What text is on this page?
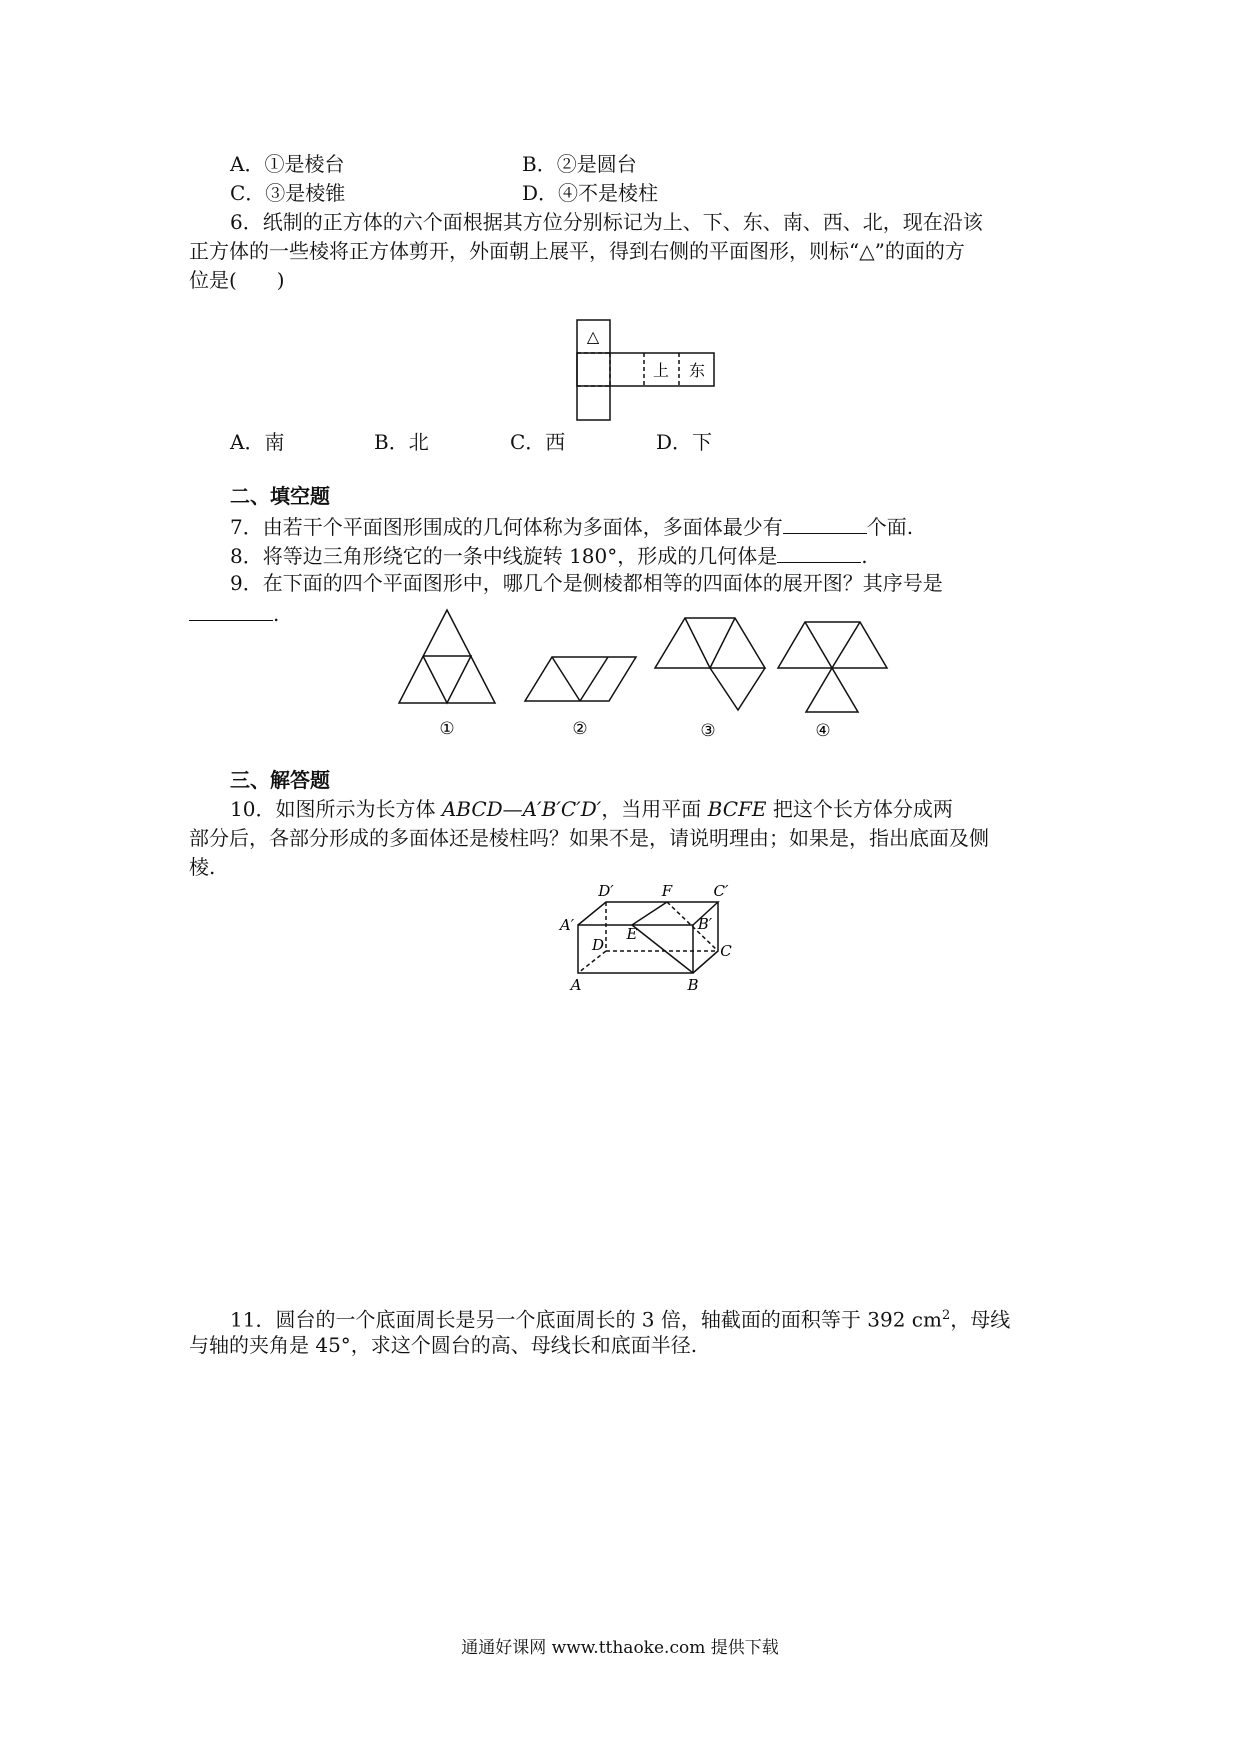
A．①是棱台	B．②是圆台
C．③是棱锥	D．④不是棱柱
6．纸制的正方体的六个面根据其方位分别标记为上、下、东、南、西、北，现在沿该
正方体的一些棱将正方体剪开，外面朝上展平，得到右侧的平面图形，则标“△”的面的方
位是(　　)
△
上 东
A．南	B．北	C．西	D．下
二、填空题
7．由若干个平面图形围成的几何体称为多面体，多面体最少有	个面.
8．将等边三角形绕它的一条中线旋转 180°，形成的几何体是	.
9．在下面的四个平面图形中，哪几个是侧棱都相等的四面体的展开图？其序号是
.
①	②	③	④
三、解答题
10．如图所示为长方体 ABCD—A′B′C′D′，当用平面 BCFE 把这个长方体分成两
部分后，各部分形成的多面体还是棱柱吗？如果不是，请说明理由；如果是，指出底面及侧
棱.
D′	F	C′
A′	E
B′
D	C
A	B
11．圆台的一个底面周长是另一个底面周长的 3 倍，轴截面的面积等于 392 $cm^2$，母线
与轴的夹角是 45°，求这个圆台的高、母线长和底面半径.
通通好课网 www.tthaoke.com 提供下载
